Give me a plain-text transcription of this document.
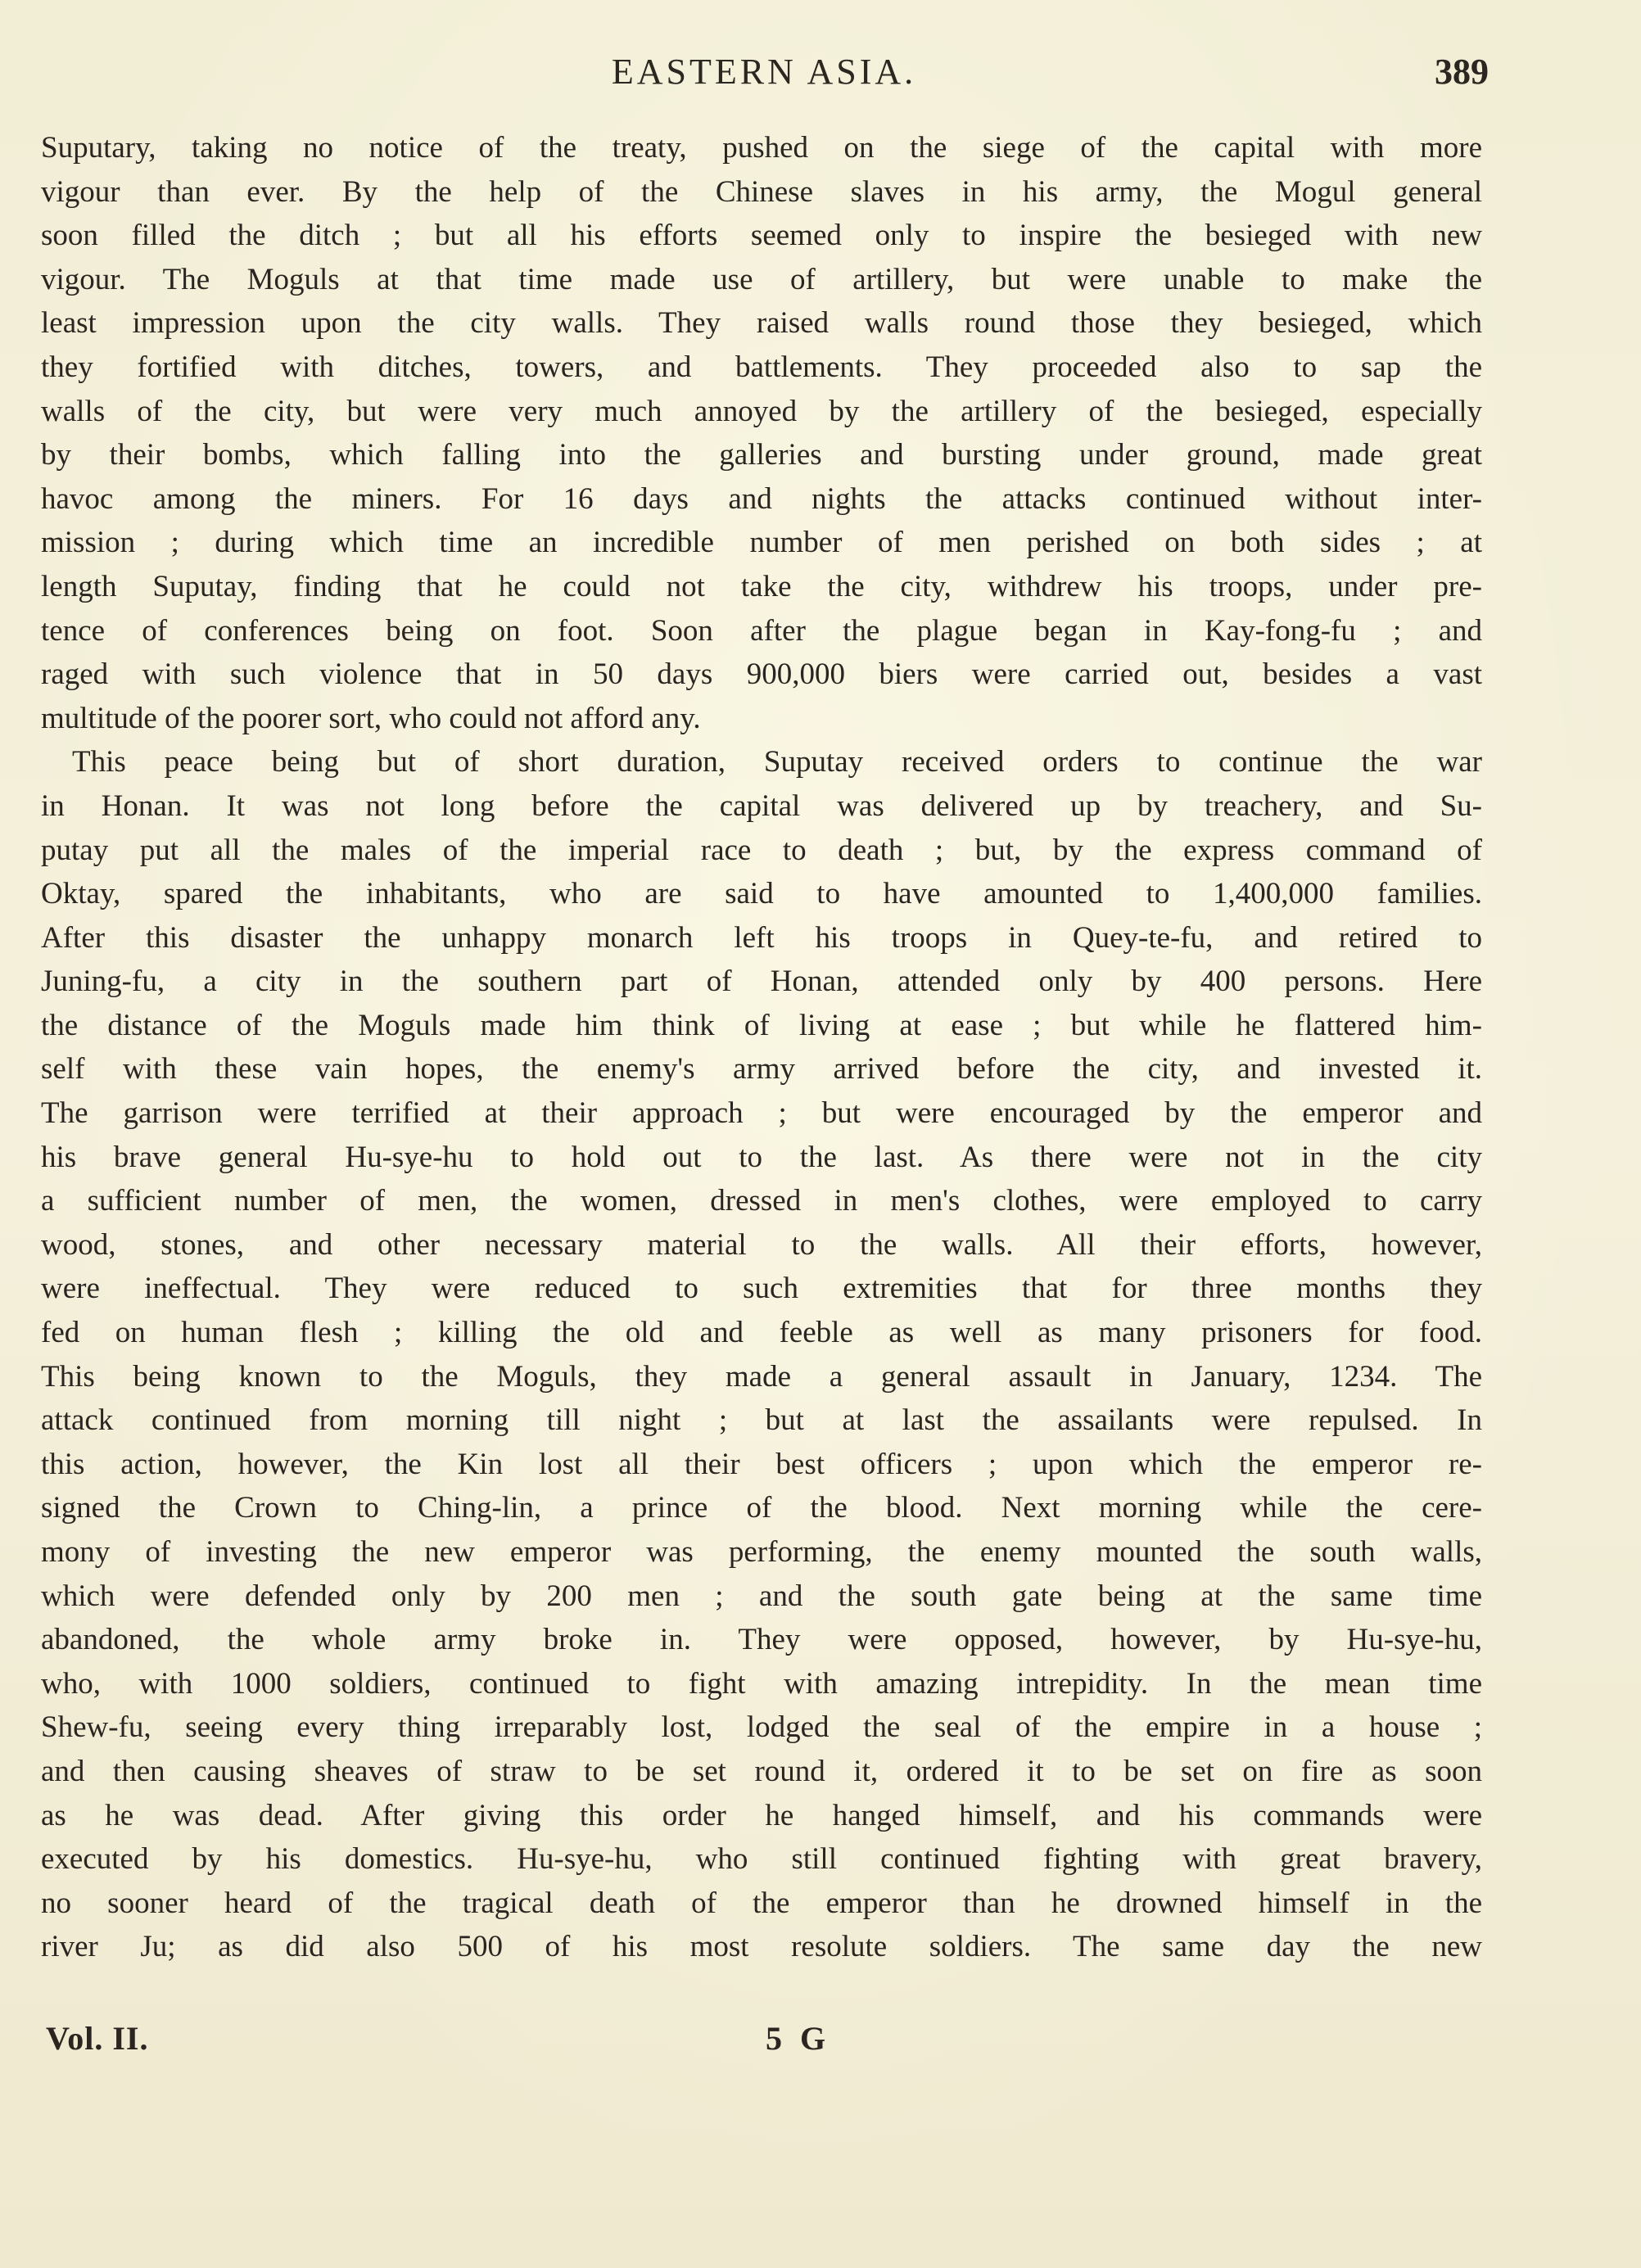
EASTERN ASIA.	389
Suputary, taking no notice of the treaty, pushed on the siege of the capital with more
vigour than ever. By the help of the Chinese slaves in his army, the Mogul general
soon filled the ditch ; but all his efforts seemed only to inspire the besieged with new
vigour. The Moguls at that time made use of artillery, but were unable to make the
least impression upon the city walls. They raised walls round those they besieged, which
they fortified with ditches, towers, and battlements. They proceeded also to sap the
walls of the city, but were very much annoyed by the artillery of the besieged, especially
by their bombs, which falling into the galleries and bursting under ground, made great
havoc among the miners. For 16 days and nights the attacks continued without inter-
mission ; during which time an incredible number of men perished on both sides ; at
length Suputay, finding that he could not take the city, withdrew his troops, under pre-
tence of conferences being on foot. Soon after the plague began in Kay-fong-fu ; and
raged with such violence that in 50 days 900,000 biers were carried out, besides a vast
multitude of the poorer sort, who could not afford any.
This peace being but of short duration, Suputay received orders to continue the war
in Honan. It was not long before the capital was delivered up by treachery, and Su-
putay put all the males of the imperial race to death ; but, by the express command of
Oktay, spared the inhabitants, who are said to have amounted to 1,400,000 families.
After this disaster the unhappy monarch left his troops in Quey-te-fu, and retired to
Juning-fu, a city in the southern part of Honan, attended only by 400 persons. Here
the distance of the Moguls made him think of living at ease ; but while he flattered him-
self with these vain hopes, the enemy's army arrived before the city, and invested it.
The garrison were terrified at their approach ; but were encouraged by the emperor and
his brave general Hu-sye-hu to hold out to the last. As there were not in the city
a sufficient number of men, the women, dressed in men's clothes, were employed to carry
wood, stones, and other necessary material to the walls. All their efforts, however,
were ineffectual. They were reduced to such extremities that for three months they
fed on human flesh ; killing the old and feeble as well as many prisoners for food.
This being known to the Moguls, they made a general assault in January, 1234. The
attack continued from morning till night ; but at last the assailants were repulsed. In
this action, however, the Kin lost all their best officers ; upon which the emperor re-
signed the Crown to Ching-lin, a prince of the blood. Next morning while the cere-
mony of investing the new emperor was performing, the enemy mounted the south walls,
which were defended only by 200 men ; and the south gate being at the same time
abandoned, the whole army broke in. They were opposed, however, by Hu-sye-hu,
who, with 1000 soldiers, continued to fight with amazing intrepidity. In the mean time
Shew-fu, seeing every thing irreparably lost, lodged the seal of the empire in a house ;
and then causing sheaves of straw to be set round it, ordered it to be set on fire as soon
as he was dead. After giving this order he hanged himself, and his commands were
executed by his domestics. Hu-sye-hu, who still continued fighting with great bravery,
no sooner heard of the tragical death of the emperor than he drowned himself in the
river Ju; as did also 500 of his most resolute soldiers. The same day the new
Vol. II.	5 G
